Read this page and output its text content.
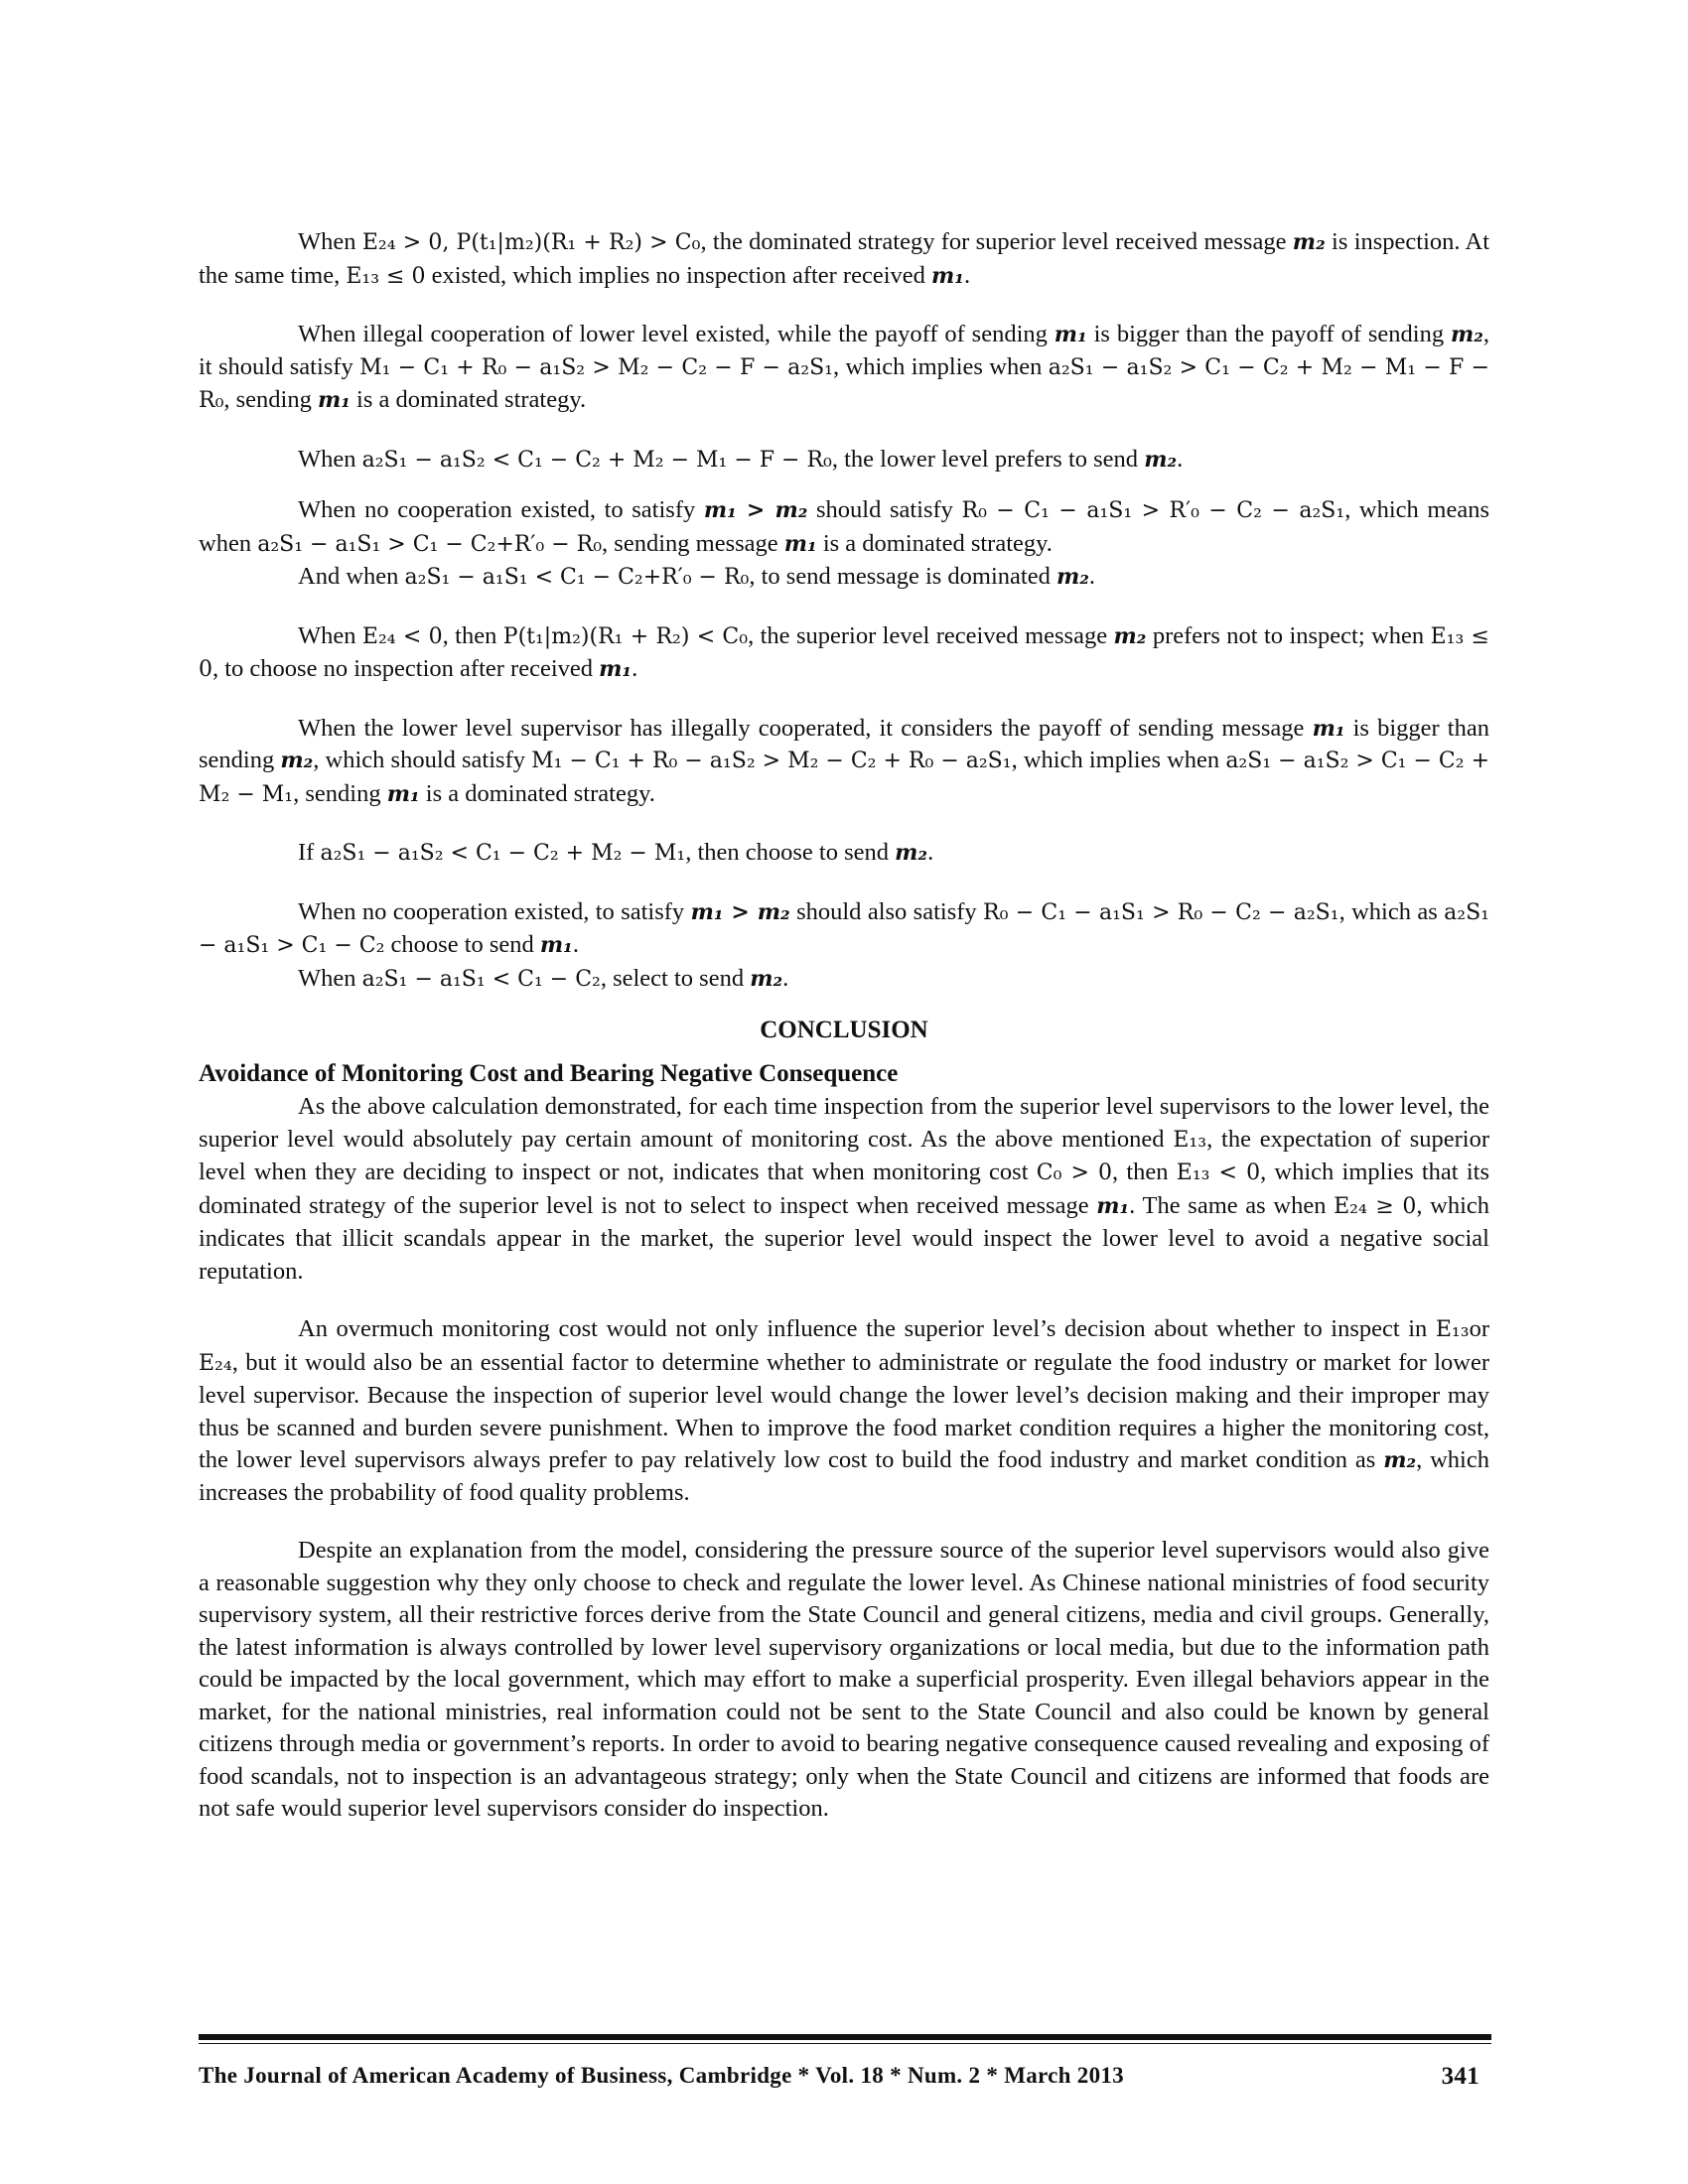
When E₂₄ > 0, P(t₁|m₂)(R₁ + R₂) > C₀, the dominated strategy for superior level received message m₂ is inspection. At the same time, E₁₃ ≤ 0 existed, which implies no inspection after received m₁.

When illegal cooperation of lower level existed, while the payoff of sending m₁ is bigger than the payoff of sending m₂, it should satisfy M₁ − C₁ + R₀ − a₁S₂ > M₂ − C₂ − F − a₂S₁, which implies when a₂S₁ − a₁S₂ > C₁ − C₂ + M₂ − M₁ − F − R₀, sending m₁ is a dominated strategy.

When a₂S₁ − a₁S₂ < C₁ − C₂ + M₂ − M₁ − F − R₀, the lower level prefers to send m₂.

When no cooperation existed, to satisfy m₁ > m₂ should satisfy R₀ − C₁ − a₁S₁ > R′₀ − C₂ − a₂S₁, which means when a₂S₁ − a₁S₁ > C₁ − C₂+R′₀ − R₀, sending message m₁ is a dominated strategy.

And when a₂S₁ − a₁S₁ < C₁ − C₂+R′₀ − R₀, to send message is dominated m₂.

When E₂₄ < 0, then P(t₁|m₂)(R₁ + R₂) < C₀, the superior level received message m₂ prefers not to inspect; when E₁₃ ≤ 0, to choose no inspection after received m₁.

When the lower level supervisor has illegally cooperated, it considers the payoff of sending message m₁ is bigger than sending m₂, which should satisfy M₁ − C₁ + R₀ − a₁S₂ > M₂ − C₂ + R₀ − a₂S₁, which implies when a₂S₁ − a₁S₂ > C₁ − C₂ + M₂ − M₁, sending m₁ is a dominated strategy.

If a₂S₁ − a₁S₂ < C₁ − C₂ + M₂ − M₁, then choose to send m₂.

When no cooperation existed, to satisfy m₁ > m₂ should also satisfy R₀ − C₁ − a₁S₁ > R₀ − C₂ − a₂S₁, which as a₂S₁ − a₁S₁ > C₁ − C₂ choose to send m₁.

When a₂S₁ − a₁S₁ < C₁ − C₂, select to send m₂.

CONCLUSION
Avoidance of Monitoring Cost and Bearing Negative Consequence

As the above calculation demonstrated, for each time inspection from the superior level supervisors to the lower level, the superior level would absolutely pay certain amount of monitoring cost. As the above mentioned E₁₃, the expectation of superior level when they are deciding to inspect or not, indicates that when monitoring cost C₀ > 0, then E₁₃ < 0, which implies that its dominated strategy of the superior level is not to select to inspect when received message m₁. The same as when E₂₄ ≥ 0, which indicates that illicit scandals appear in the market, the superior level would inspect the lower level to avoid a negative social reputation.

An overmuch monitoring cost would not only influence the superior level’s decision about whether to inspect in E₁₃or E₂₄, but it would also be an essential factor to determine whether to administrate or regulate the food industry or market for lower level supervisor. Because the inspection of superior level would change the lower level’s decision making and their improper may thus be scanned and burden severe punishment. When to improve the food market condition requires a higher the monitoring cost, the lower level supervisors always prefer to pay relatively low cost to build the food industry and market condition as m₂, which increases the probability of food quality problems.

Despite an explanation from the model, considering the pressure source of the superior level supervisors would also give a reasonable suggestion why they only choose to check and regulate the lower level. As Chinese national ministries of food security supervisory system, all their restrictive forces derive from the State Council and general citizens, media and civil groups. Generally, the latest information is always controlled by lower level supervisory organizations or local media, but due to the information path could be impacted by the local government, which may effort to make a superficial prosperity. Even illegal behaviors appear in the market, for the national ministries, real information could not be sent to the State Council and also could be known by general citizens through media or government’s reports. In order to avoid to bearing negative consequence caused revealing and exposing of food scandals, not to inspection is an advantageous strategy; only when the State Council and citizens are informed that foods are not safe would superior level supervisors consider do inspection.

The Journal of American Academy of Business, Cambridge * Vol. 18 * Num. 2 * March 2013	341
